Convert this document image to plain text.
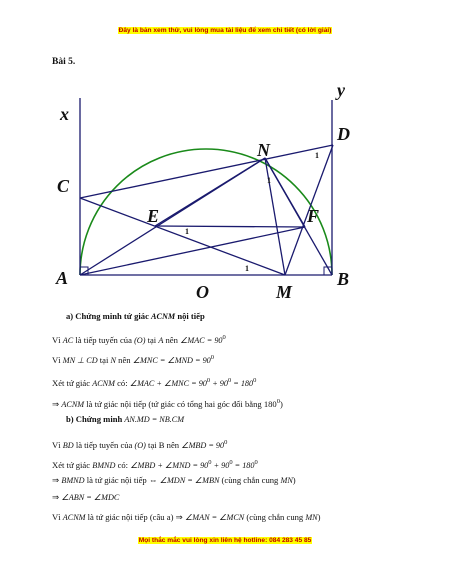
Đây là bản xem thử, vui lòng mua tài liệu để xem chi tiết (có lời giải)
Bài 5.
x
y
C
D
N
E	F
A	B
O	M
1
1
1
1
a) Chứng minh tứ giác ACNM nội tiếp
Vì AC là tiếp tuyến của (O) tại A nên ∠MAC = $90^0$
Vì MN ⊥ CD tại N nên ∠MNC = ∠MND = $90^0$
Xét tứ giác ACNM có: ∠MAC + ∠MNC = $90^0 + 90^0 = 180^0$
⇒ ACNM là tứ giác nội tiếp (tứ giác có tổng hai góc đối bằng $180^0$)
b) Chứng minh AN.MD = NB.CM
Vì BD là tiếp tuyến của (O) tại B nên ∠MBD = $90^0$
Xét tứ giác BMND có: ∠MBD + ∠MND = $90^0 + 90^0 = 180^0$
⇒ BMND là tứ giác nội tiếp ⇔ ∠MDN = ∠MBN (cùng chắn cung MN)
⇒ ∠ABN = ∠MDC
Vì ACNM là tứ giác nội tiếp (câu a) ⇒ ∠MAN = ∠MCN (cùng chắn cung MN)
Mọi thắc mắc vui lòng xin liên hệ hotline: 084 283 45 85
